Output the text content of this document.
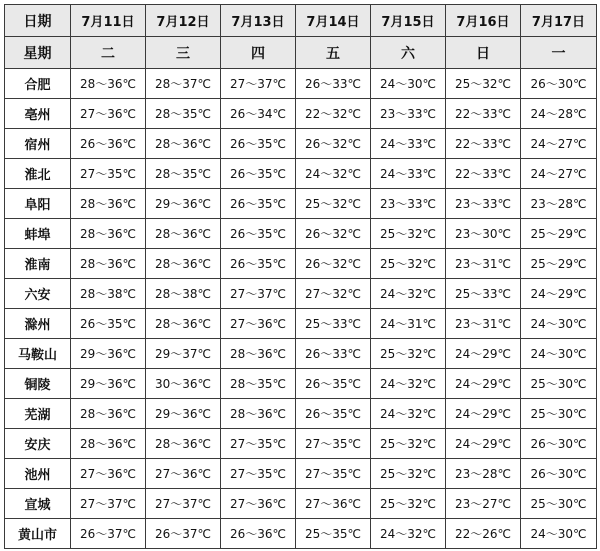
日期	7月11日	7月12日	7月13日	7月14日	7月15日	7月16日	7月17日
星期	二	三	四	五	六	日	一
合肥	28～36℃	28～37℃	27～37℃	26～33℃	24～30℃	25～32℃	26～30℃
亳州	27～36℃	28～35℃	26～34℃	22～32℃	23～33℃	22～33℃	24～28℃
宿州	26～36℃	28～36℃	26～35℃	26～32℃	24～33℃	22～33℃	24～27℃
淮北	27～35℃	28～35℃	26～35℃	24～32℃	24～33℃	22～33℃	24～27℃
阜阳	28～36℃	29～36℃	26～35℃	25～32℃	23～33℃	23～33℃	23～28℃
蚌埠	28～36℃	28～36℃	26～35℃	26～32℃	25～32℃	23～30℃	25～29℃
淮南	28～36℃	28～36℃	26～35℃	26～32℃	25～32℃	23～31℃	25～29℃
六安	28～38℃	28～38℃	27～37℃	27～32℃	24～32℃	25～33℃	24～29℃
滁州	26～35℃	28～36℃	27～36℃	25～33℃	24～31℃	23～31℃	24～30℃
马鞍山	29～36℃	29～37℃	28～36℃	26～33℃	25～32℃	24～29℃	24～30℃
铜陵	29～36℃	30～36℃	28～35℃	26～35℃	24～32℃	24～29℃	25～30℃
芜湖	28～36℃	29～36℃	28～36℃	26～35℃	24～32℃	24～29℃	25～30℃
安庆	28～36℃	28～36℃	27～35℃	27～35℃	25～32℃	24～29℃	26～30℃
池州	27～36℃	27～36℃	27～35℃	27～35℃	25～32℃	23～28℃	26～30℃
宣城	27～37℃	27～37℃	27～36℃	27～36℃	25～32℃	23～27℃	25～30℃
黄山市	26～37℃	26～37℃	26～36℃	25～35℃	24～32℃	22～26℃	24～30℃
